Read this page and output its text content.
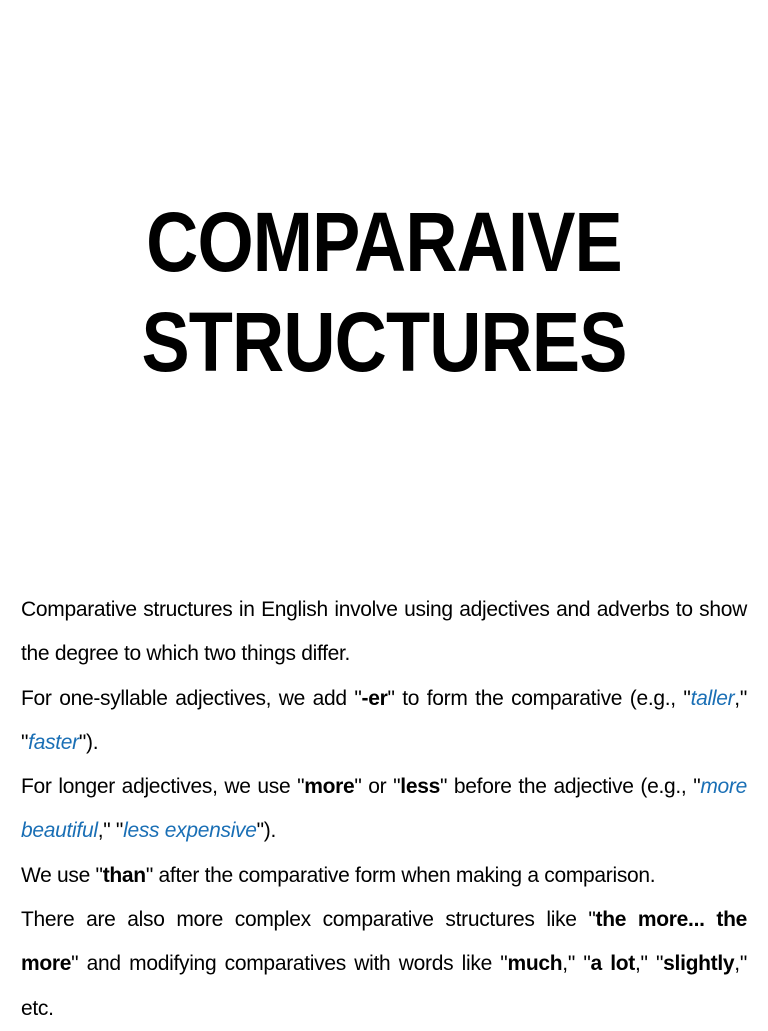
COMPARAIVE
STRUCTURES

Comparative structures in English involve using adjectives and adverbs to show the degree to which two things differ.

For one-syllable adjectives, we add "-er" to form the comparative (e.g., "taller," "faster").

For longer adjectives, we use "more" or "less" before the adjective (e.g., "more beautiful," "less expensive").

We use "than" after the comparative form when making a comparison.

There are also more complex comparative structures like "the more... the more" and modifying comparatives with words like "much," "a lot," "slightly," etc.
